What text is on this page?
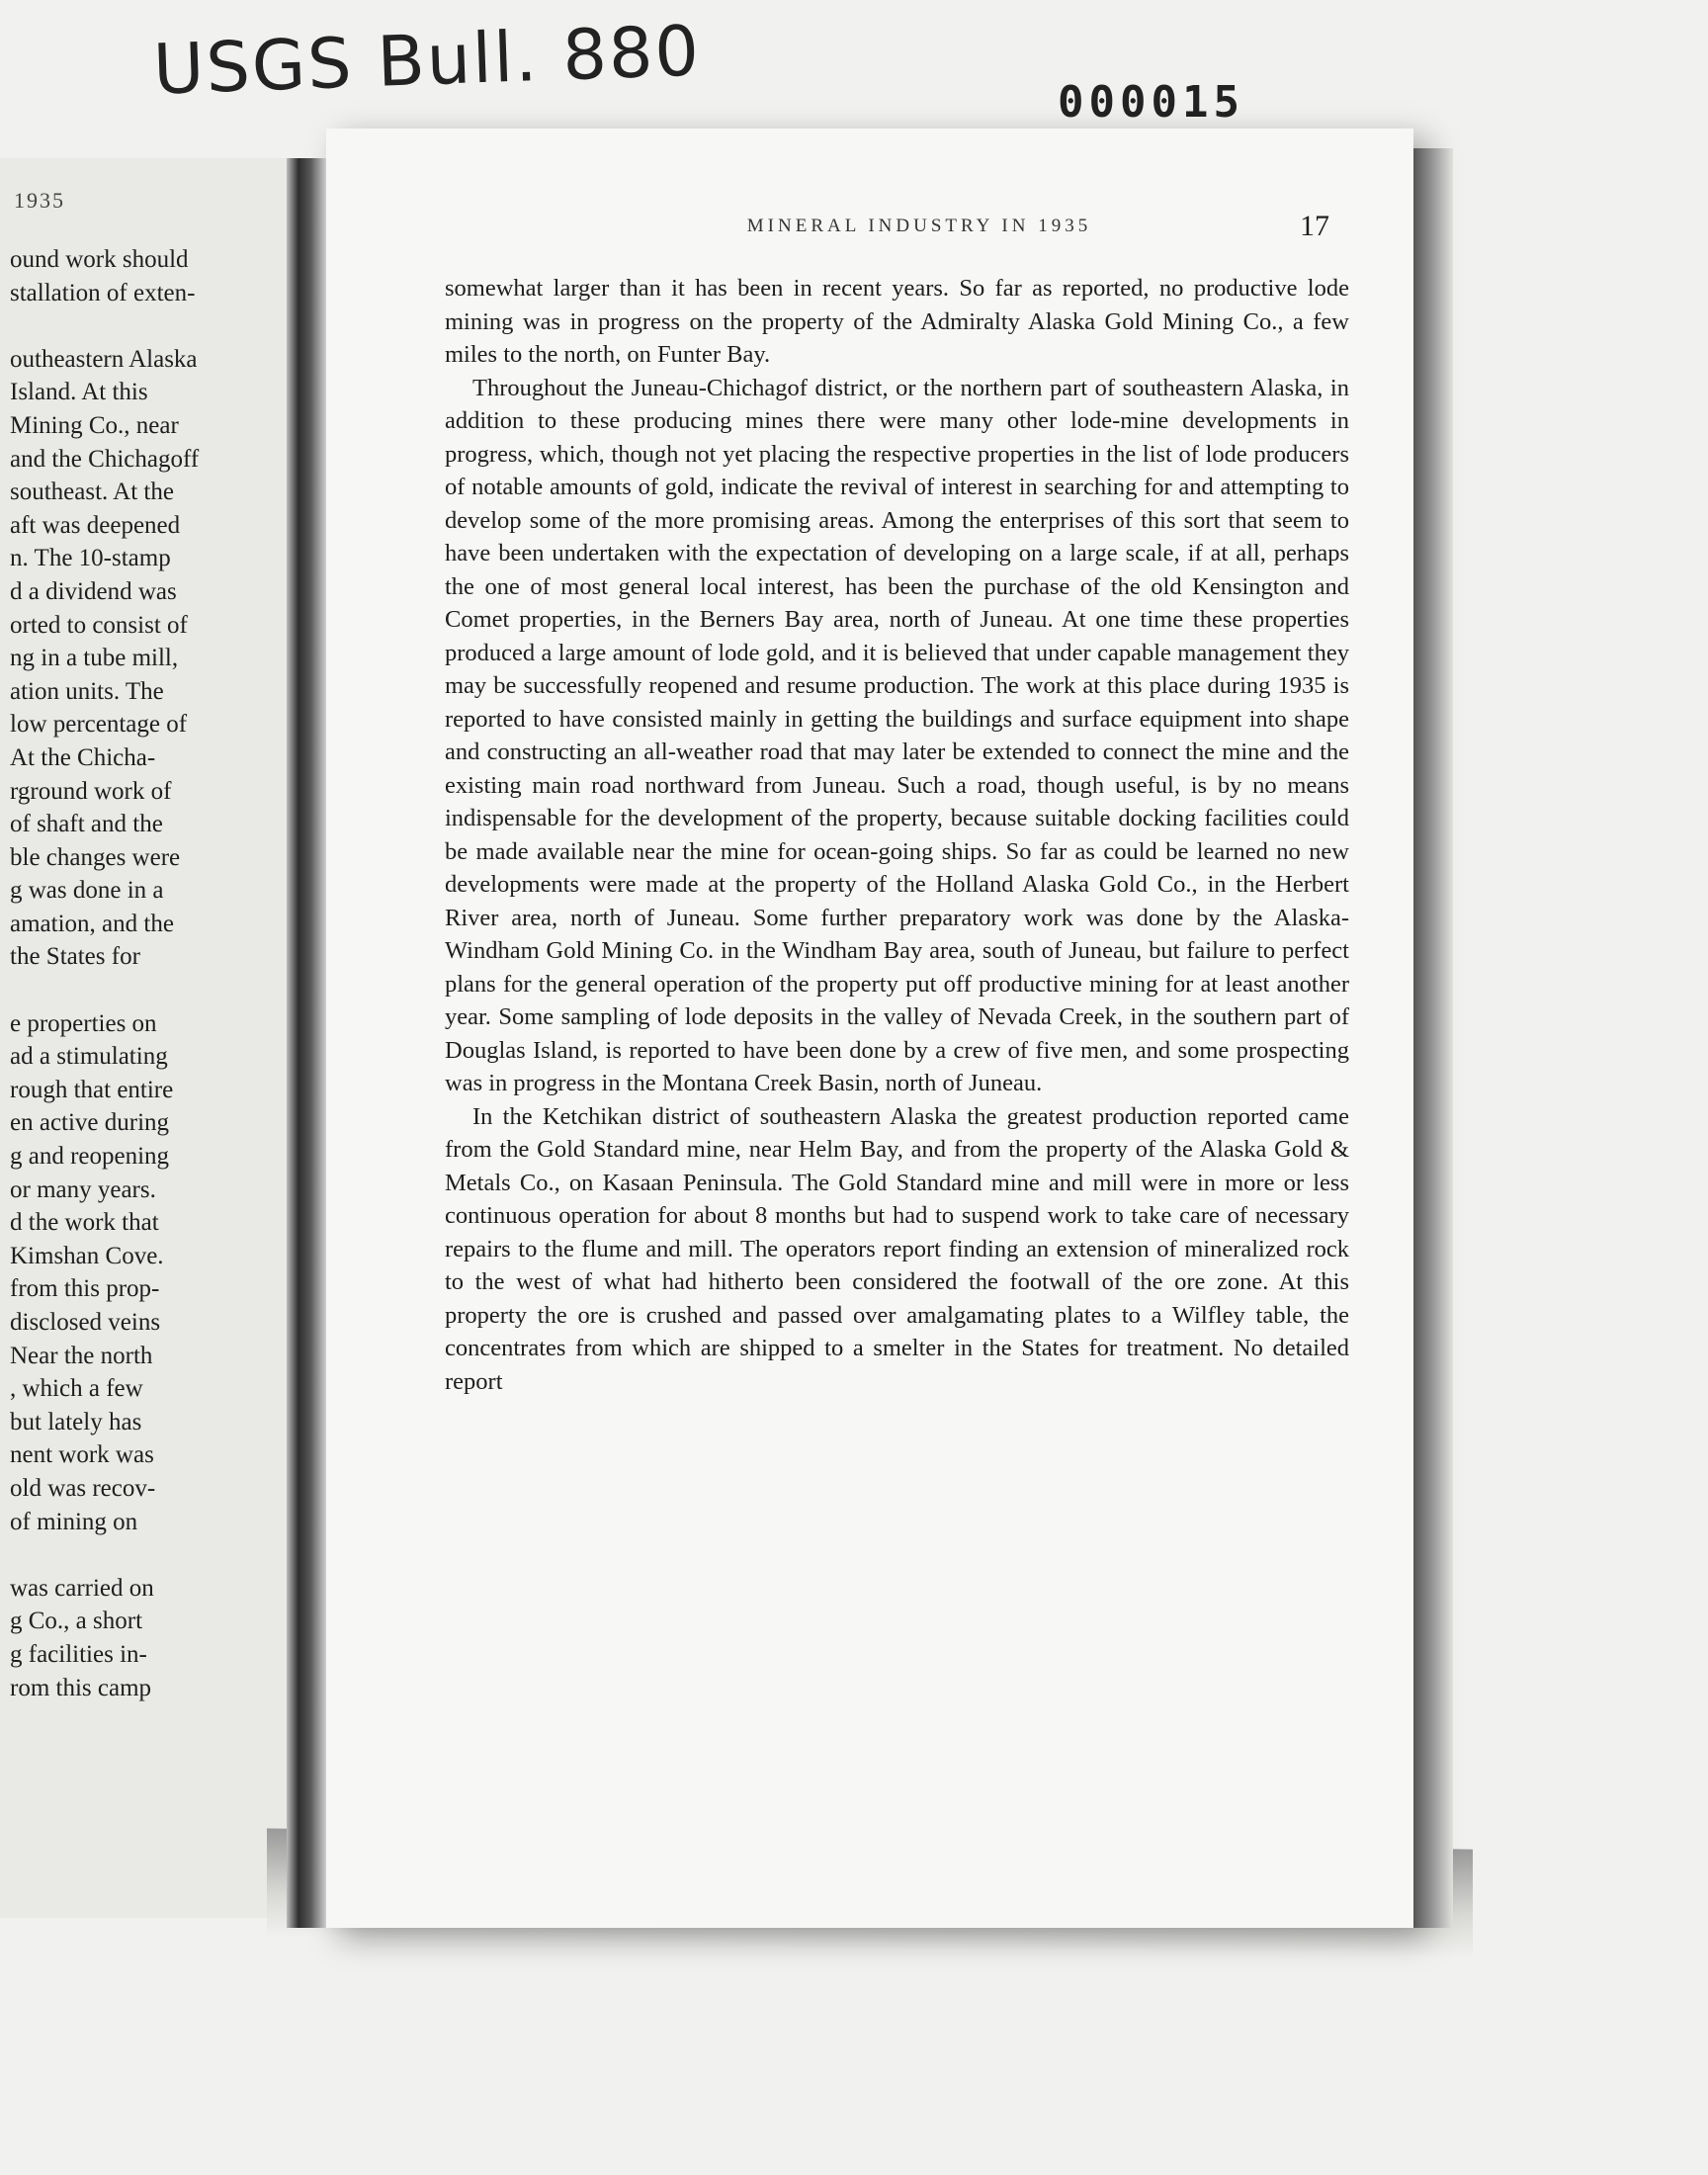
USGS Bull. 880	000015
1935
ound work should
stallation of exten-
outheastern Alaska
Island. At this
Mining Co., near
and the Chichagoff
southeast. At the
aft was deepened
n. The 10-stamp
d a dividend was
orted to consist of
ng in a tube mill,
ation units. The
low percentage of
At the Chicha-
rground work of
of shaft and the
ble changes were
g was done in a
amation, and the
the States for
e properties on
ad a stimulating
rough that entire
en active during
g and reopening
or many years.
d the work that
Kimshan Cove.
from this prop-
disclosed veins
Near the north
, which a few
but lately has
nent work was
old was recov-
of mining on
was carried on
g Co., a short
g facilities in-
rom this camp
MINERAL INDUSTRY IN 1935	17

somewhat larger than it has been in recent years. So far as reported, no productive lode mining was in progress on the property of the Admiralty Alaska Gold Mining Co., a few miles to the north, on Funter Bay.

Throughout the Juneau-Chichagof district, or the northern part of southeastern Alaska, in addition to these producing mines there were many other lode-mine developments in progress, which, though not yet placing the respective properties in the list of lode producers of notable amounts of gold, indicate the revival of interest in searching for and attempting to develop some of the more promising areas. Among the enterprises of this sort that seem to have been undertaken with the expectation of developing on a large scale, if at all, perhaps the one of most general local interest, has been the purchase of the old Kensington and Comet properties, in the Berners Bay area, north of Juneau. At one time these properties produced a large amount of lode gold, and it is believed that under capable management they may be successfully reopened and resume production. The work at this place during 1935 is reported to have consisted mainly in getting the buildings and surface equipment into shape and constructing an all-weather road that may later be extended to connect the mine and the existing main road northward from Juneau. Such a road, though useful, is by no means indispensable for the development of the property, because suitable docking facilities could be made available near the mine for ocean-going ships. So far as could be learned no new developments were made at the property of the Holland Alaska Gold Co., in the Herbert River area, north of Juneau. Some further preparatory work was done by the Alaska-Windham Gold Mining Co. in the Windham Bay area, south of Juneau, but failure to perfect plans for the general operation of the property put off productive mining for at least another year. Some sampling of lode deposits in the valley of Nevada Creek, in the southern part of Douglas Island, is reported to have been done by a crew of five men, and some prospecting was in progress in the Montana Creek Basin, north of Juneau.

In the Ketchikan district of southeastern Alaska the greatest production reported came from the Gold Standard mine, near Helm Bay, and from the property of the Alaska Gold & Metals Co., on Kasaan Peninsula. The Gold Standard mine and mill were in more or less continuous operation for about 8 months but had to suspend work to take care of necessary repairs to the flume and mill. The operators report finding an extension of mineralized rock to the west of what had hitherto been considered the footwall of the ore zone. At this property the ore is crushed and passed over amalgamating plates to a Wilfley table, the concentrates from which are shipped to a smelter in the States for treatment. No detailed report
